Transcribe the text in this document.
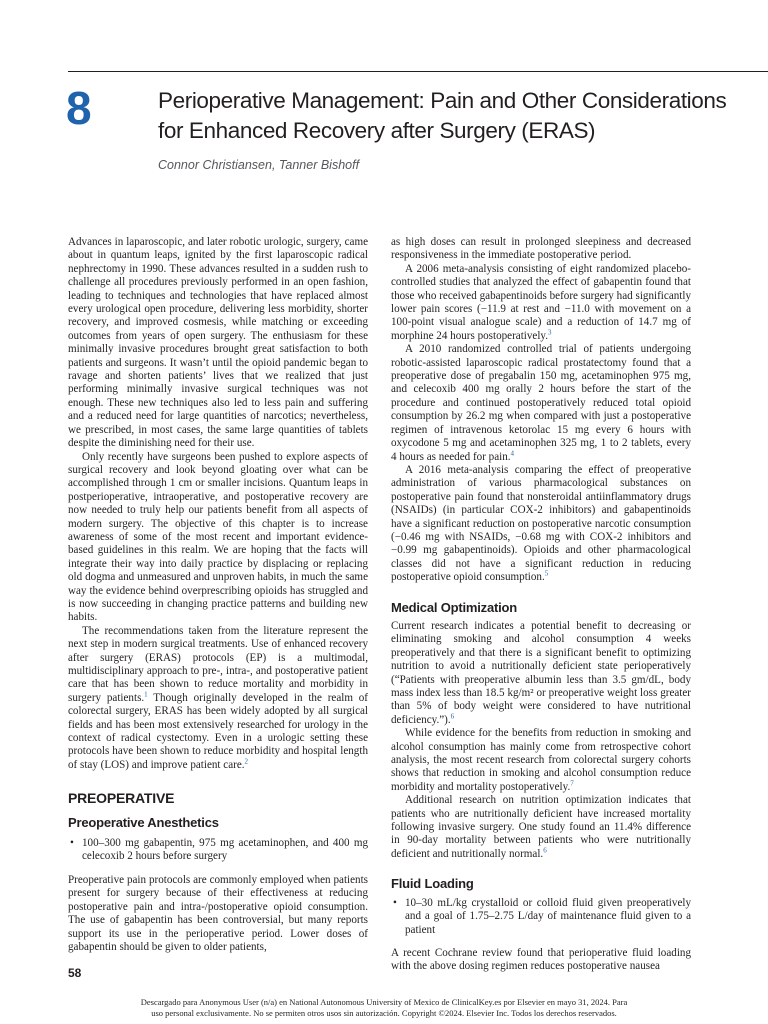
8	Perioperative Management: Pain and Other Considerations
for Enhanced Recovery after Surgery (ERAS)
Connor Christiansen, Tanner Bishoff

Advances in laparoscopic, and later robotic urologic, surgery, came about in quantum leaps, ignited by the first laparoscopic radical nephrectomy in 1990. These advances resulted in a sudden rush to challenge all procedures previously performed in an open fashion, leading to techniques and technologies that have replaced almost every urological open procedure, delivering less morbidity, shorter recovery, and improved cosmesis, while matching or exceeding outcomes from years of open surgery. The enthusiasm for these minimally invasive procedures brought great satisfaction to both patients and surgeons. It wasn’t until the opioid pandemic began to ravage and shorten patients’ lives that we realized that just performing minimally invasive surgical techniques was not enough. These new techniques also led to less pain and suffering and a reduced need for large quantities of narcotics; nevertheless, we prescribed, in most cases, the same large quantities of tablets despite the diminishing need for their use.

Only recently have surgeons been pushed to explore aspects of surgical recovery and look beyond gloating over what can be accomplished through 1 cm or smaller incisions. Quantum leaps in postperioperative, intraoperative, and postoperative recovery are now needed to truly help our patients benefit from all aspects of modern surgery. The objective of this chapter is to increase awareness of some of the most recent and important evidence-based guidelines in this realm. We are hoping that the facts will integrate their way into daily practice by displacing or replacing old dogma and unmeasured and unproven habits, in much the same way the evidence behind overprescribing opioids has struggled and is now succeeding in changing practice patterns and building new habits.

The recommendations taken from the literature represent the next step in modern surgical treatments. Use of enhanced recovery after surgery (ERAS) protocols (EP) is a multimodal, multidisciplinary approach to pre-, intra-, and postoperative patient care that has been shown to reduce mortality and morbidity in surgery patients.$^1$ Though originally developed in the realm of colorectal surgery, ERAS has been widely adopted by all surgical fields and has been most extensively researched for urology in the context of radical cystectomy. Even in a urologic setting these protocols have been shown to reduce morbidity and hospital length of stay (LOS) and improve patient care.$^2$

PREOPERATIVE
Preoperative Anesthetics
• 100–300 mg gabapentin, 975 mg acetaminophen, and 400 mg celecoxib 2 hours before surgery

Preoperative pain protocols are commonly employed when patients present for surgery because of their effectiveness at reducing postoperative pain and intra-/postoperative opioid consumption. The use of gabapentin has been controversial, but many reports support its use in the perioperative period. Lower doses of gabapentin should be given to older patients,

as high doses can result in prolonged sleepiness and decreased responsiveness in the immediate postoperative period.

A 2006 meta-analysis consisting of eight randomized placebo-controlled studies that analyzed the effect of gabapentin found that those who received gabapentinoids before surgery had significantly lower pain scores (−11.9 at rest and −11.0 with movement on a 100-point visual analogue scale) and a reduction of 14.7 mg of morphine 24 hours postoperatively.$^3$

A 2010 randomized controlled trial of patients undergoing robotic-assisted laparoscopic radical prostatectomy found that a preoperative dose of pregabalin 150 mg, acetaminophen 975 mg, and celecoxib 400 mg orally 2 hours before the start of the procedure and continued postoperatively reduced total opioid consumption by 26.2 mg when compared with just a postoperative regimen of intravenous ketorolac 15 mg every 6 hours with oxycodone 5 mg and acetaminophen 325 mg, 1 to 2 tablets, every 4 hours as needed for pain.$^4$

A 2016 meta-analysis comparing the effect of preoperative administration of various pharmacological substances on postoperative pain found that nonsteroidal antiinflammatory drugs (NSAIDs) (in particular COX-2 inhibitors) and gabapentinoids have a significant reduction on postoperative narcotic consumption (−0.46 mg with NSAIDs, −0.68 mg with COX-2 inhibitors and −0.99 mg gabapentinoids). Opioids and other pharmacological classes did not have a significant reduction in reducing postoperative opioid consumption.$^5$

Medical Optimization

Current research indicates a potential benefit to decreasing or eliminating smoking and alcohol consumption 4 weeks preoperatively and that there is a significant benefit to optimizing nutrition to avoid a nutritionally deficient state perioperatively (“Patients with preoperative albumin less than 3.5 gm/dL, body mass index less than 18.5 kg/m² or preoperative weight loss greater than 5% of body weight were considered to have nutritional deficiency.”).$^6$

While evidence for the benefits from reduction in smoking and alcohol consumption has mainly come from retrospective cohort analysis, the most recent research from colorectal surgery cohorts shows that reduction in smoking and alcohol consumption reduce morbidity and mortality postoperatively.$^7$

Additional research on nutrition optimization indicates that patients who are nutritionally deficient have increased mortality following invasive surgery. One study found an 11.4% difference in 90-day mortality between patients who were nutritionally deficient and nutritionally normal.$^6$

Fluid Loading
• 10–30 mL/kg crystalloid or colloid fluid given preoperatively and a goal of 1.75–2.75 L/day of maintenance fluid given to a patient

A recent Cochrane review found that perioperative fluid loading with the above dosing regimen reduces postoperative nausea

58
Descargado para Anonymous User (n/a) en National Autonomous University of Mexico de ClinicalKey.es por Elsevier en mayo 31, 2024. Para
uso personal exclusivamente. No se permiten otros usos sin autorización. Copyright ©2024. Elsevier Inc. Todos los derechos reservados.
